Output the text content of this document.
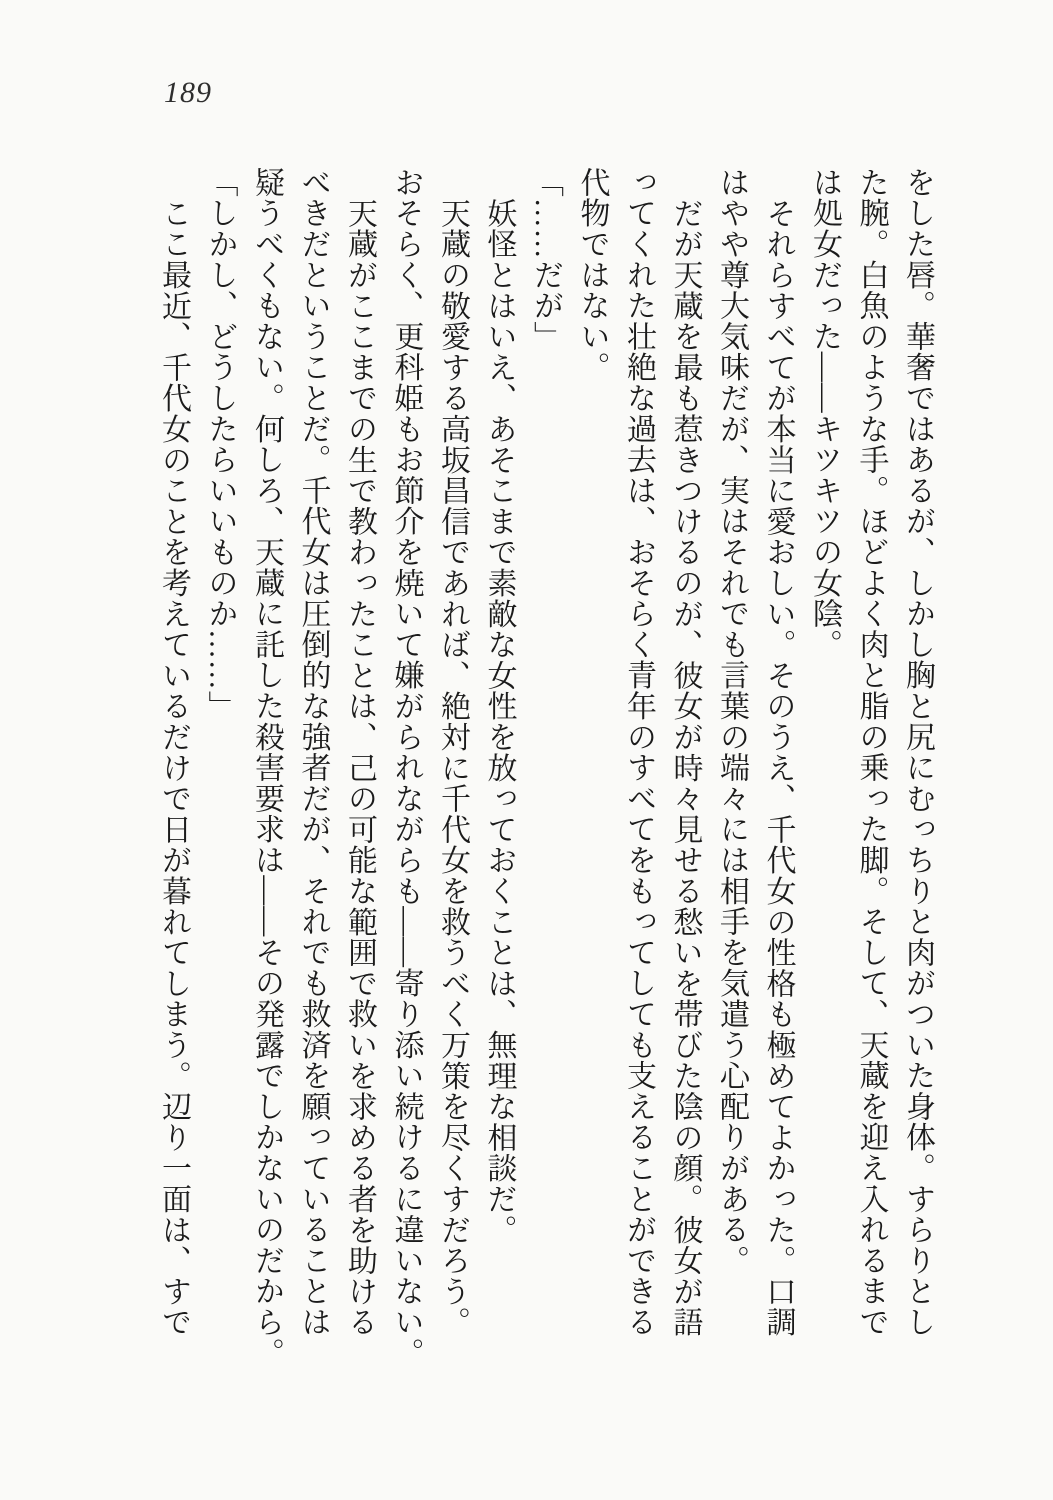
189

をした唇。華奢ではあるが、しかし胸と尻にむっちりと肉がついた身体。すらりとし

た腕。白魚のような手。ほどよく肉と脂の乗った脚。そして、天蔵を迎え入れるまで

は処女だった――キツキツの女陰。

それらすべてが本当に愛おしい。そのうえ、千代女の性格も極めてよかった。口調

はやや尊大気味だが、実はそれでも言葉の端々には相手を気遣う心配りがある。

だが天蔵を最も惹きつけるのが、彼女が時々見せる愁いを帯びた陰の顔。彼女が語

ってくれた壮絶な過去は、おそらく青年のすべてをもってしても支えることができる

代物ではない。

「……だが」

妖怪とはいえ、あそこまで素敵な女性を放っておくことは、無理な相談だ。

天蔵の敬愛する高坂昌信であれば、絶対に千代女を救うべく万策を尽くすだろう。

おそらく、更科姫もお節介を焼いて嫌がられながらも――寄り添い続けるに違いない。

天蔵がここまでの生で教わったことは、己の可能な範囲で救いを求める者を助ける

べきだということだ。千代女は圧倒的な強者だが、それでも救済を願っていることは

疑うべくもない。何しろ、天蔵に託した殺害要求は――その発露でしかないのだから。

「しかし、どうしたらいいものか……」

ここ最近、千代女のことを考えているだけで日が暮れてしまう。辺り一面は、すで
